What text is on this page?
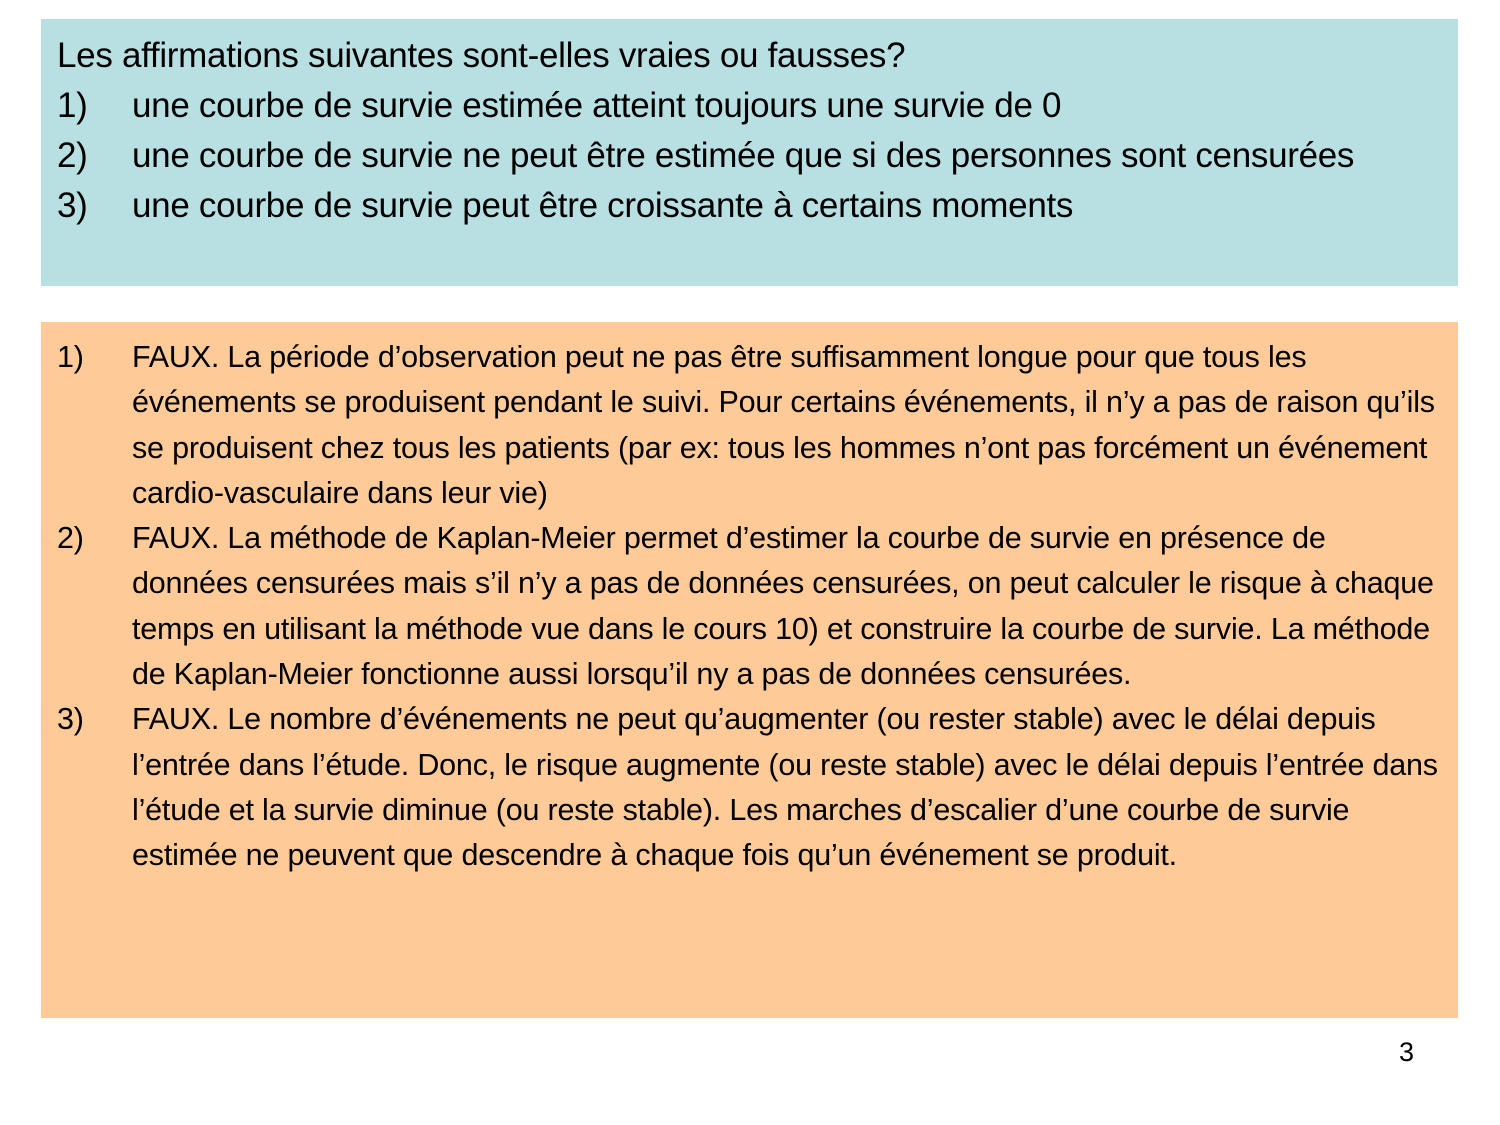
Les affirmations suivantes sont-elles vraies ou fausses?
1) une courbe de survie estimée atteint toujours une survie de 0
2) une courbe de survie ne peut être estimée que si des personnes sont censurées
3) une courbe de survie peut être croissante à certains moments
1) FAUX. La période d’observation peut ne pas être suffisamment longue pour que tous les événements se produisent pendant le suivi. Pour certains événements, il n’y a pas de raison qu’ils se produisent chez tous les patients (par ex: tous les hommes n’ont pas forcément un événement cardio-vasculaire dans leur vie)
2) FAUX. La méthode de Kaplan-Meier permet d’estimer la courbe de survie en présence de données censurées mais s’il n’y a pas de données censurées, on peut calculer le risque à chaque temps en utilisant la méthode vue dans le cours 10) et construire la courbe de survie. La méthode de Kaplan-Meier fonctionne aussi lorsqu’il ny a pas de données censurées.
3) FAUX. Le nombre d’événements ne peut qu’augmenter (ou rester stable) avec le délai depuis l’entrée dans l’étude. Donc, le risque augmente (ou reste stable) avec le délai depuis l’entrée dans l’étude et la survie diminue (ou reste stable). Les marches d’escalier d’une courbe de survie estimée ne peuvent que descendre à chaque fois qu’un événement se produit.
3
